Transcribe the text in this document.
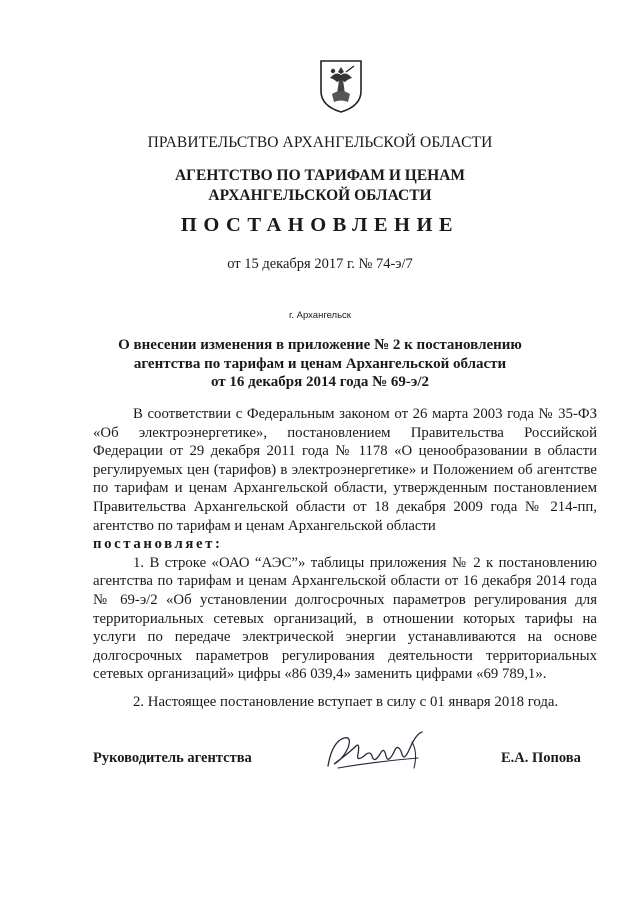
ПРАВИТЕЛЬСТВО АРХАНГЕЛЬСКОЙ ОБЛАСТИ
АГЕНТСТВО ПО ТАРИФАМ И ЦЕНАМ
АРХАНГЕЛЬСКОЙ ОБЛАСТИ
ПОСТАНОВЛЕНИЕ
от 15 декабря 2017 г. № 74-э/7
г. Архангельск
О внесении изменения в приложение № 2 к постановлению
агентства по тарифам и ценам Архангельской области
от 16 декабря 2014 года № 69-э/2

В соответствии с Федеральным законом от 26 марта 2003 года № 35-ФЗ «Об электроэнергетике», постановлением Правительства Российской Федерации от 29 декабря 2011 года № 1178 «О ценообразовании в области регулируемых цен (тарифов) в электроэнергетике» и Положением об агентстве по тарифам и ценам Архангельской области, утвержденным постановлением Правительства Архангельской области от 18 декабря 2009 года № 214-пп, агентство по тарифам и ценам Архангельской области

постановляет:

1. В строке «ОАО “АЭС”» таблицы приложения № 2 к постановлению агентства по тарифам и ценам Архангельской области от 16 декабря 2014 года № 69-э/2 «Об установлении долгосрочных параметров регулирования для территориальных сетевых организаций, в отношении которых тарифы на услуги по передаче электрической энергии устанавливаются на основе долгосрочных параметров регулирования деятельности территориальных сетевых организаций» цифры «86 039,4» заменить цифрами «69 789,1».

2. Настоящее постановление вступает в силу с 01 января 2018 года.

Руководитель агентства	Е.А. Попова
